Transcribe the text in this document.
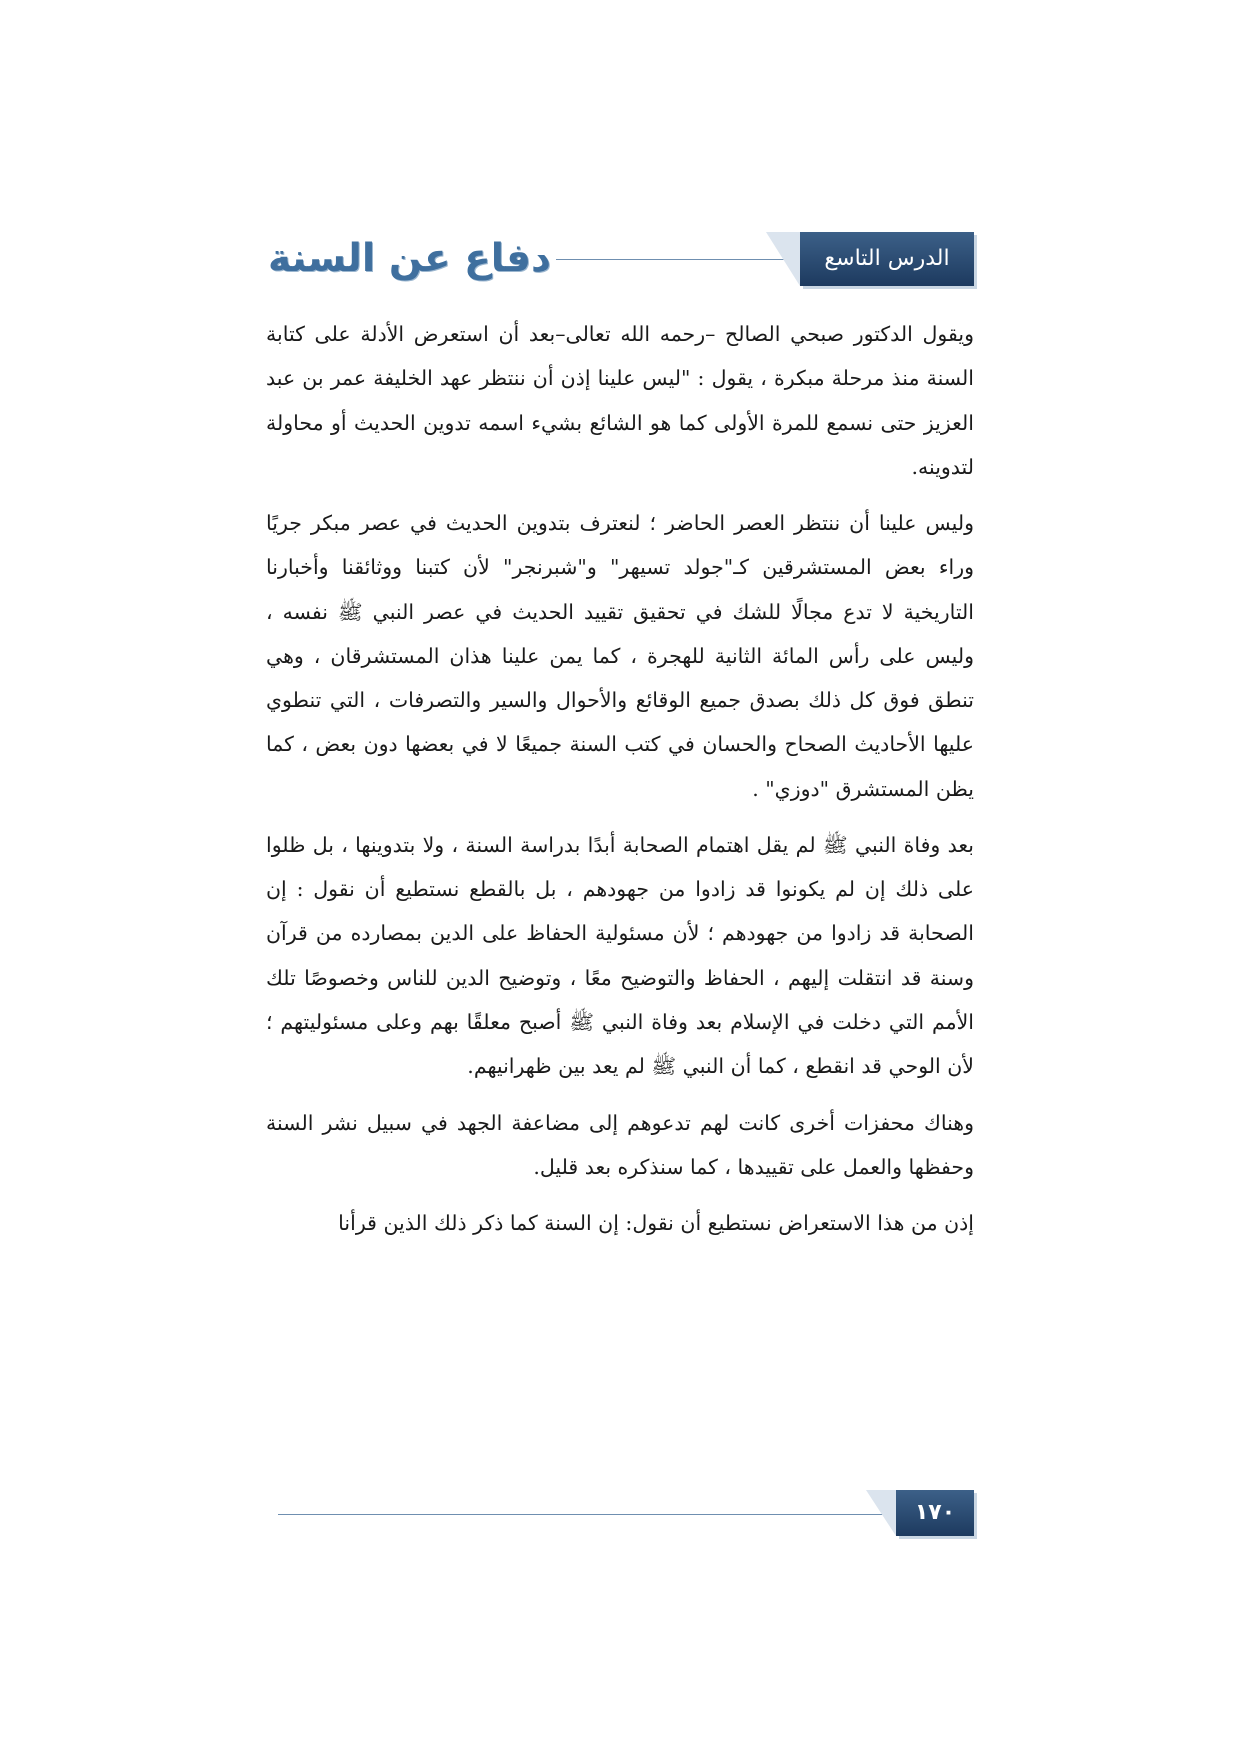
دفاع عن السنة	الدرس التاسع

ويقول الدكتور صبحي الصالح –رحمه الله تعالى–بعد أن استعرض الأدلة على كتابة السنة منذ مرحلة مبكرة ، يقول : "ليس علينا إذن أن ننتظر عهد الخليفة عمر بن عبد العزيز حتى نسمع للمرة الأولى كما هو الشائع بشيء اسمه تدوين الحديث أو محاولة لتدوينه.

وليس علينا أن ننتظر العصر الحاضر ؛ لنعترف بتدوين الحديث في عصر مبكر جريًا وراء بعض المستشرقين كـ"جولد تسيهر" و"شبرنجر" لأن كتبنا ووثائقنا وأخبارنا التاريخية لا تدع مجالًا للشك في تحقيق تقييد الحديث في عصر النبي ﷺ نفسه ، وليس على رأس المائة الثانية للهجرة ، كما يمن علينا هذان المستشرقان ، وهي تنطق فوق كل ذلك بصدق جميع الوقائع والأحوال والسير والتصرفات ، التي تنطوي عليها الأحاديث الصحاح والحسان في كتب السنة جميعًا لا في بعضها دون بعض ، كما يظن المستشرق "دوزي" .

بعد وفاة النبي ﷺ لم يقل اهتمام الصحابة أبدًا بدراسة السنة ، ولا بتدوينها ، بل ظلوا على ذلك إن لم يكونوا قد زادوا من جهودهم ، بل بالقطع نستطيع أن نقول : إن الصحابة قد زادوا من جهودهم ؛ لأن مسئولية الحفاظ على الدين بمصارده من قرآن وسنة قد انتقلت إليهم ، الحفاظ والتوضيح معًا ، وتوضيح الدين للناس وخصوصًا تلك الأمم التي دخلت في الإسلام بعد وفاة النبي ﷺ أصبح معلقًا بهم وعلى مسئوليتهم ؛ لأن الوحي قد انقطع ، كما أن النبي ﷺ لم يعد بين ظهرانيهم.

وهناك محفزات أخرى كانت لهم تدعوهم إلى مضاعفة الجهد في سبيل نشر السنة وحفظها والعمل على تقييدها ، كما سنذكره بعد قليل.

إذن من هذا الاستعراض نستطيع أن نقول: إن السنة كما ذكر ذلك الذين قرأنا

١٧٠
